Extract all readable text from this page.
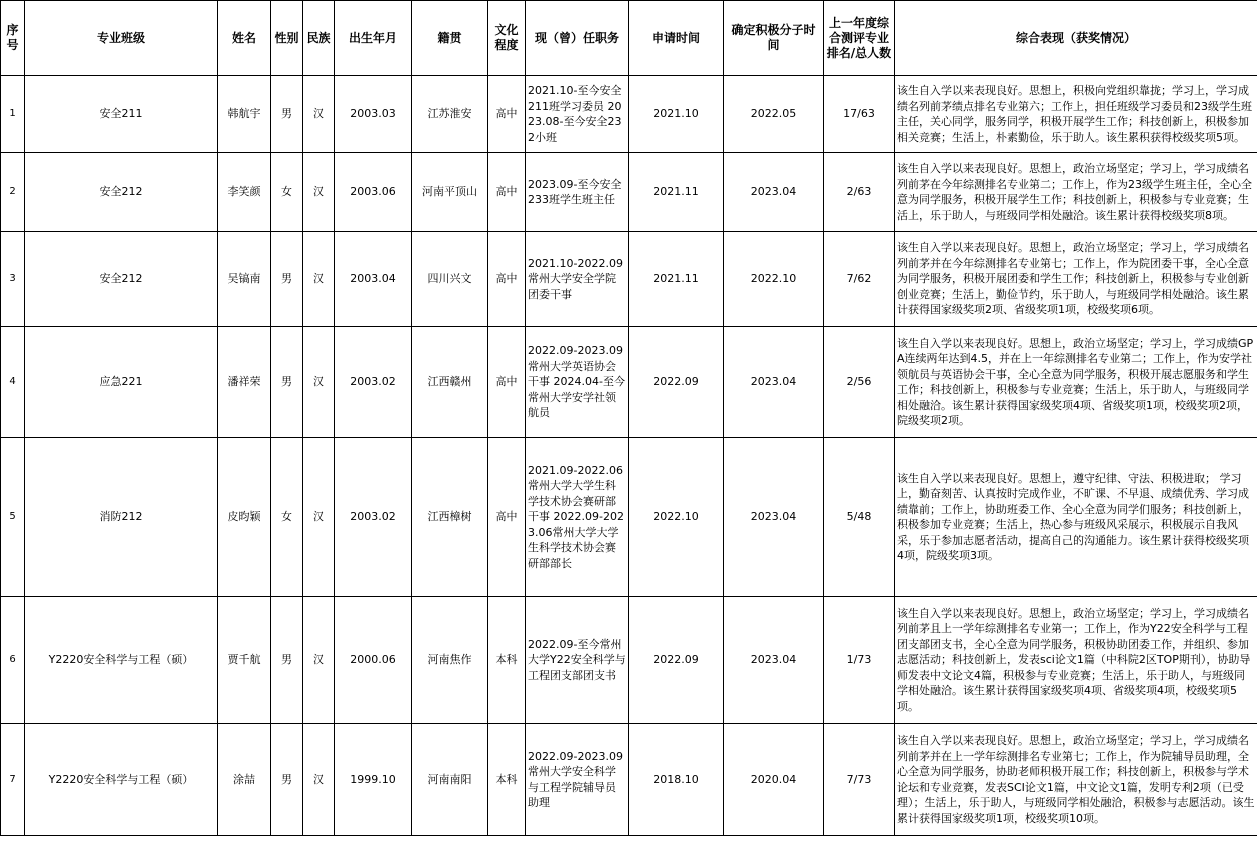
序号	专业班级	姓名	性别	民族	出生年月	籍贯	文化程度	现（曾）任职务	申请时间	确定积极分子时间	上一年度综合测评专业排名/总人数	综合表现（获奖情况）
1	安全211	韩航宇	男	汉	2003.03	江苏淮安	高中	2021.10-至今安全211班学习委员 2023.08-至今安全232小班	2021.10	2022.05	17/63	该生自入学以来表现良好。思想上，积极向党组织靠拢；学习上，学习成绩名列前茅绩点排名专业第六；工作上，担任班级学习委员和23级学生班主任，关心同学，服务同学，积极开展学生工作；科技创新上，积极参加相关竞赛；生活上，朴素勤俭，乐于助人。该生累积获得校级奖项5项。
2	安全212	李笑颜	女	汉	2003.06	河南平顶山	高中	2023.09-至今安全233班学生班主任	2021.11	2023.04	2/63	该生自入学以来表现良好。思想上，政治立场坚定；学习上，学习成绩名列前茅在今年综测排名专业第二；工作上，作为23级学生班主任，全心全意为同学服务，积极开展学生工作；科技创新上，积极参与专业竞赛；生活上，乐于助人，与班级同学相处融洽。该生累计获得校级奖项8项。
3	安全212	吴镐南	男	汉	2003.04	四川兴文	高中	2021.10-2022.09 常州大学安全学院团委干事	2021.11	2022.10	7/62	该生自入学以来表现良好。思想上，政治立场坚定；学习上，学习成绩名列前茅并在今年综测排名专业第七；工作上，作为院团委干事，全心全意为同学服务，积极开展团委和学生工作；科技创新上，积极参与专业创新创业竞赛；生活上，勤俭节约，乐于助人，与班级同学相处融洽。该生累计获得国家级奖项2项、省级奖项1项，校级奖项6项。
4	应急221	潘祥荣	男	汉	2003.02	江西赣州	高中	2022.09-2023.09常州大学英语协会干事 2024.04-至今常州大学安学社领航员	2022.09	2023.04	2/56	该生自入学以来表现良好。思想上，政治立场坚定；学习上，学习成绩GPA连续两年达到4.5，并在上一年综测排名专业第二；工作上，作为安学社领航员与英语协会干事，全心全意为同学服务，积极开展志愿服务和学生工作；科技创新上，积极参与专业竞赛；生活上，乐于助人，与班级同学相处融洽。该生累计获得国家级奖项4项、省级奖项1项，校级奖项2项，院级奖项2项。
5	消防212	皮昀颖	女	汉	2003.02	江西樟树	高中	2021.09-2022.06常州大学大学生科学技术协会赛研部干事 2022.09-2023.06常州大学大学生科学技术协会赛研部部长	2022.10	2023.04	5/48	该生自入学以来表现良好。思想上，遵守纪律、守法、积极进取； 学习上，勤奋刻苦、认真按时完成作业，不旷课、不早退、成绩优秀、学习成绩靠前；工作上，协助班委工作、全心全意为同学们服务；科技创新上，积极参加专业竞赛；生活上，热心参与班级风采展示，积极展示自我风采，乐于参加志愿者活动，提高自己的沟通能力。该生累计获得校级奖项4项，院级奖项3项。
6	Y2220安全科学与工程（硕）	贾千航	男	汉	2000.06	河南焦作	本科	2022.09-至今常州大学Y22安全科学与工程团支部团支书	2022.09	2023.04	1/73	该生自入学以来表现良好。思想上，政治立场坚定；学习上，学习成绩名列前茅且上一学年综测排名专业第一；工作上，作为Y22安全科学与工程团支部团支书，全心全意为同学服务，积极协助团委工作，并组织、参加志愿活动；科技创新上，发表sci论文1篇（中科院2区TOP期刊），协助导师发表中文论文4篇，积极参与专业竞赛；生活上，乐于助人，与班级同学相处融洽。该生累计获得国家级奖项4项、省级奖项4项，校级奖项5项。
7	Y2220安全科学与工程（硕）	涂喆	男	汉	1999.10	河南南阳	本科	2022.09-2023.09 常州大学安全科学与工程学院辅导员助理	2018.10	2020.04	7/73	该生自入学以来表现良好。思想上，政治立场坚定；学习上，学习成绩名列前茅并在上一学年综测排名专业第七；工作上，作为院辅导员助理，全心全意为同学服务，协助老师积极开展工作；科技创新上，积极参与学术论坛和专业竞赛，发表SCI论文1篇，中文论文1篇，发明专利2项（已受理）；生活上，乐于助人，与班级同学相处融洽，积极参与志愿活动。该生累计获得国家级奖项1项，校级奖项10项。
